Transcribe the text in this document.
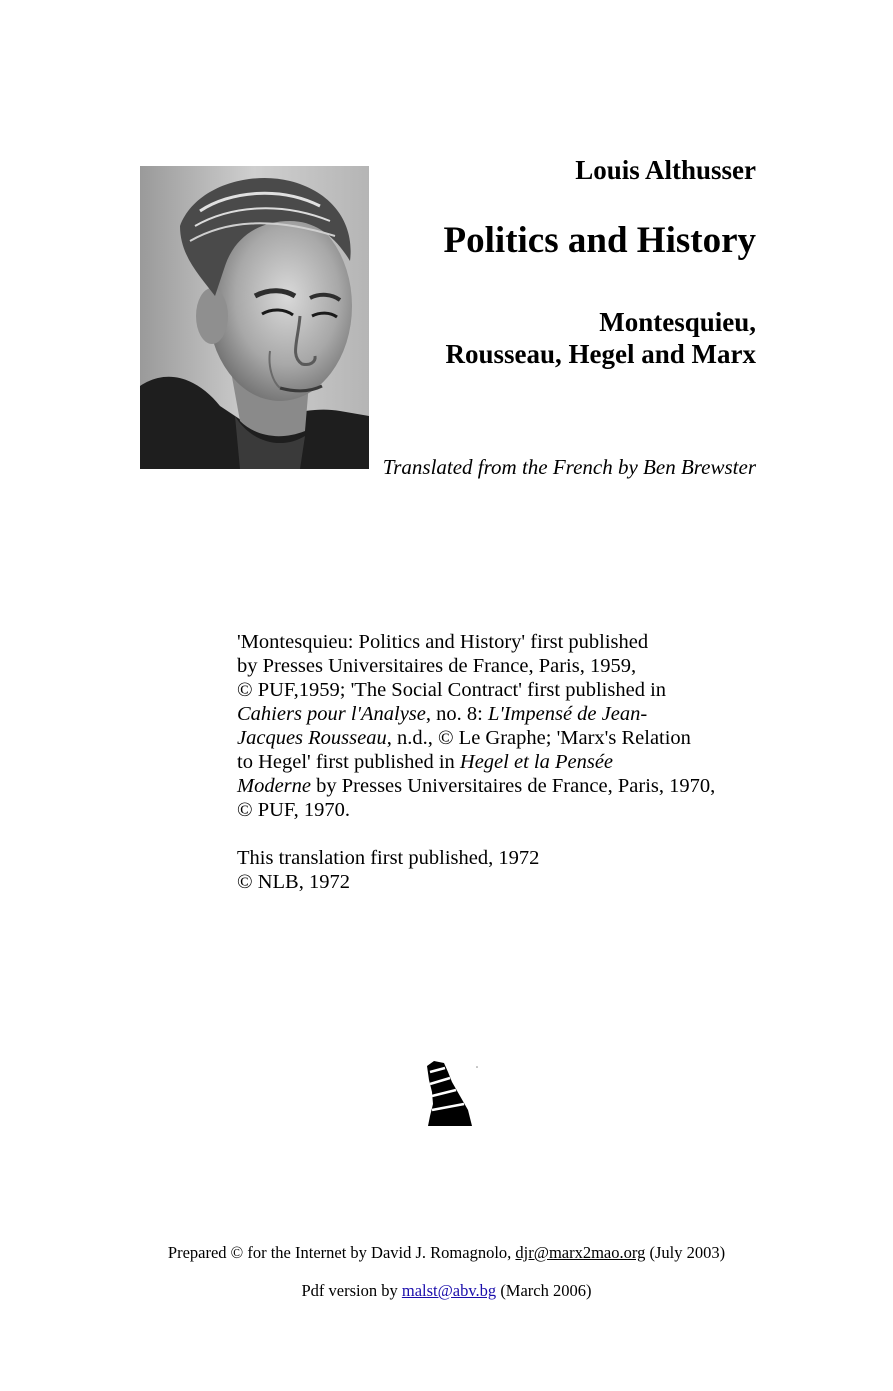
Louis Althusser
Politics and History
Montesquieu,
Rousseau, Hegel and Marx
Translated from the French by Ben Brewster
'Montesquieu: Politics and History' first published
by Presses Universitaires de France, Paris, 1959,
© PUF,1959; 'The Social Contract' first published in
Cahiers pour l'Analyse, no. 8: L'Impensé de Jean-
Jacques Rousseau, n.d., © Le Graphe; 'Marx's Relation
to Hegel' first published in Hegel et la Pensée
Moderne by Presses Universitaires de France, Paris, 1970,
© PUF, 1970.
This translation first published, 1972
© NLB, 1972
Prepared © for the Internet by David J. Romagnolo, djr@marx2mao.org (July 2003)
Pdf version by malst@abv.bg (March 2006)
